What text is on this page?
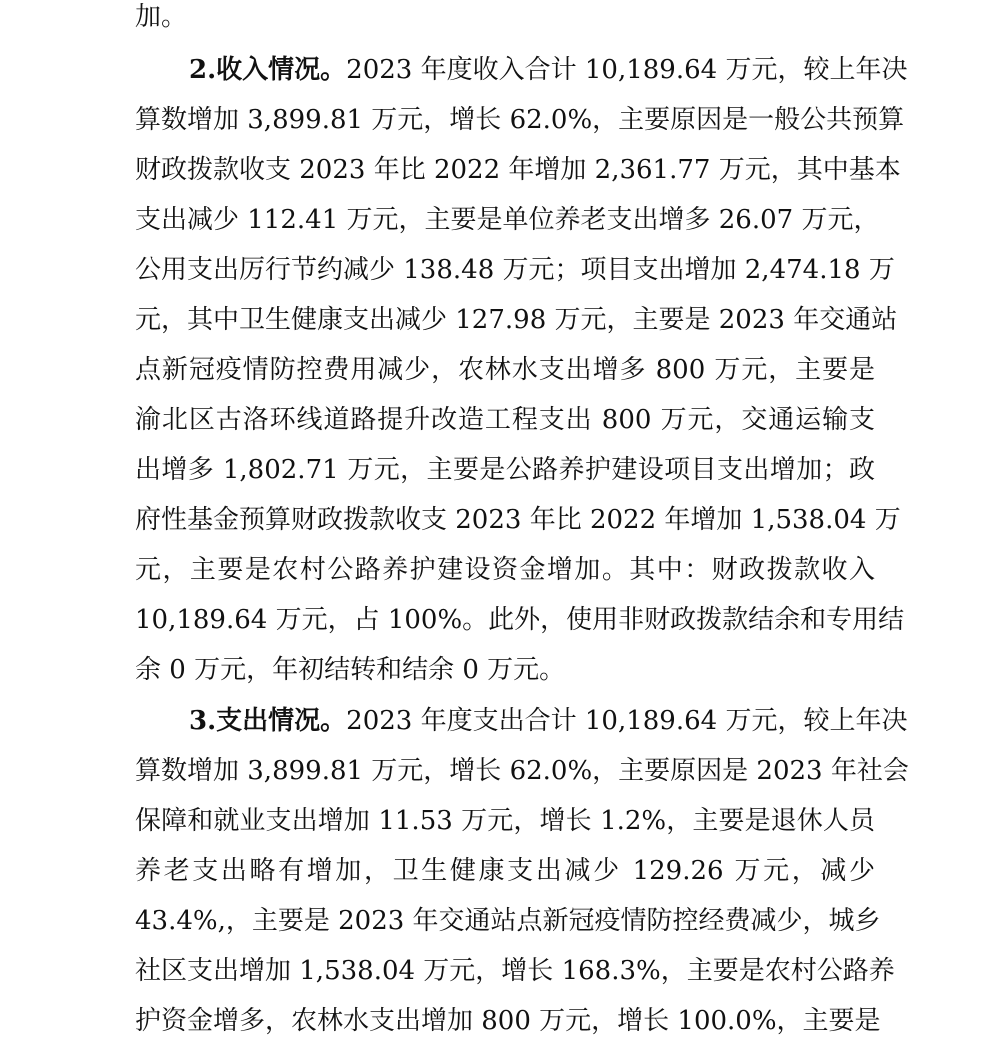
加。
2.收入情况。2023 年度收入合计 10,189.64 万元，较上年决
算数增加 3,899.81 万元，增长 62.0%，主要原因是一般公共预算
财政拨款收支 2023 年比 2022 年增加 2,361.77 万元，其中基本
支出减少 112.41 万元，主要是单位养老支出增多 26.07 万元，
公用支出厉行节约减少 138.48 万元；项目支出增加 2,474.18 万
元，其中卫生健康支出减少 127.98 万元，主要是 2023 年交通站
点新冠疫情防控费用减少，农林水支出增多 800 万元，主要是
渝北区古洛环线道路提升改造工程支出 800 万元，交通运输支
出增多 1,802.71 万元，主要是公路养护建设项目支出增加；政
府性基金预算财政拨款收支 2023 年比 2022 年增加 1,538.04 万
元，主要是农村公路养护建设资金增加。其中：财政拨款收入
10,189.64 万元，占 100%。此外，使用非财政拨款结余和专用结
余 0 万元，年初结转和结余 0 万元。
3.支出情况。2023 年度支出合计 10,189.64 万元，较上年决
算数增加 3,899.81 万元，增长 62.0%，主要原因是 2023 年社会
保障和就业支出增加 11.53 万元，增长 1.2%，主要是退休人员
养老支出略有增加，卫生健康支出减少 129.26 万元，减少
43.4%,，主要是 2023 年交通站点新冠疫情防控经费减少，城乡
社区支出增加 1,538.04 万元，增长 168.3%，主要是农村公路养
护资金增多，农林水支出增加 800 万元，增长 100.0%，主要是
